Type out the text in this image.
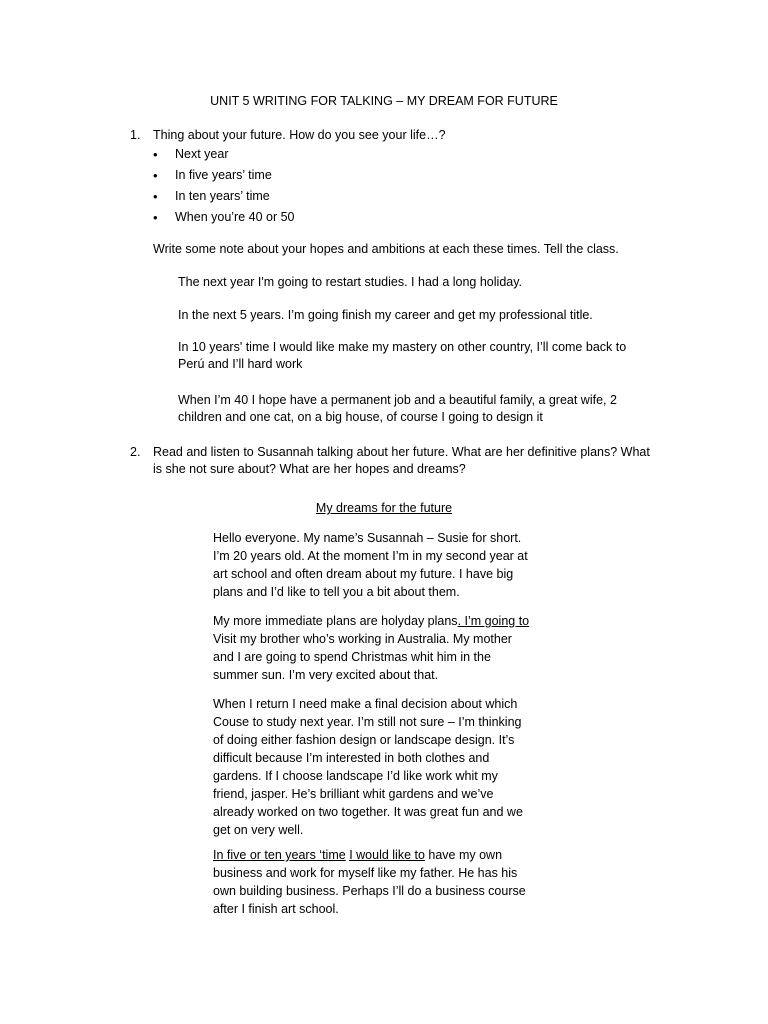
UNIT 5 WRITING FOR TALKING – MY DREAM FOR FUTURE

1. Thing about your future. How do you see your life…?
• Next year
• In five years’ time
• In ten years’ time
• When you’re 40 or 50

Write some note about your hopes and ambitions at each these times. Tell the class.

The next year I'm going to restart studies. I had a long holiday.

In the next 5 years. I’m going finish my career and get my professional title.

In 10 years' time I would like make my mastery on other country, I’ll come back to Perú and I’ll hard work

When I’m 40 I hope have a permanent job and a beautiful family, a great wife, 2 children and one cat, on a big house, of course I going to design it

2. Read and listen to Susannah talking about her future. What are her definitive plans? What is she not sure about? What are her hopes and dreams?

My dreams for the future

Hello everyone. My name’s Susannah – Susie for short. I’m 20 years old. At the moment I’m in my second year at art school and often dream about my future. I have big plans and I’d like to tell you a bit about them.

My more immediate plans are holyday plans. I’m going to Visit my brother who’s working in Australia. My mother and I are going to spend Christmas whit him in the summer sun. I’m very excited about that.

When I return I need make a final decision about which Couse to study next year. I’m still not sure – I’m thinking of doing either fashion design or landscape design. It’s difficult because I’m interested in both clothes and gardens. If I choose landscape I’d like work whit my friend, jasper. He’s brilliant whit gardens and we’ve already worked on two together. It was great fun and we get on very well.

In five or ten years ‘time I would like to have my own business and work for myself like my father. He has his own building business. Perhaps I’ll do a business course after I finish art school.
